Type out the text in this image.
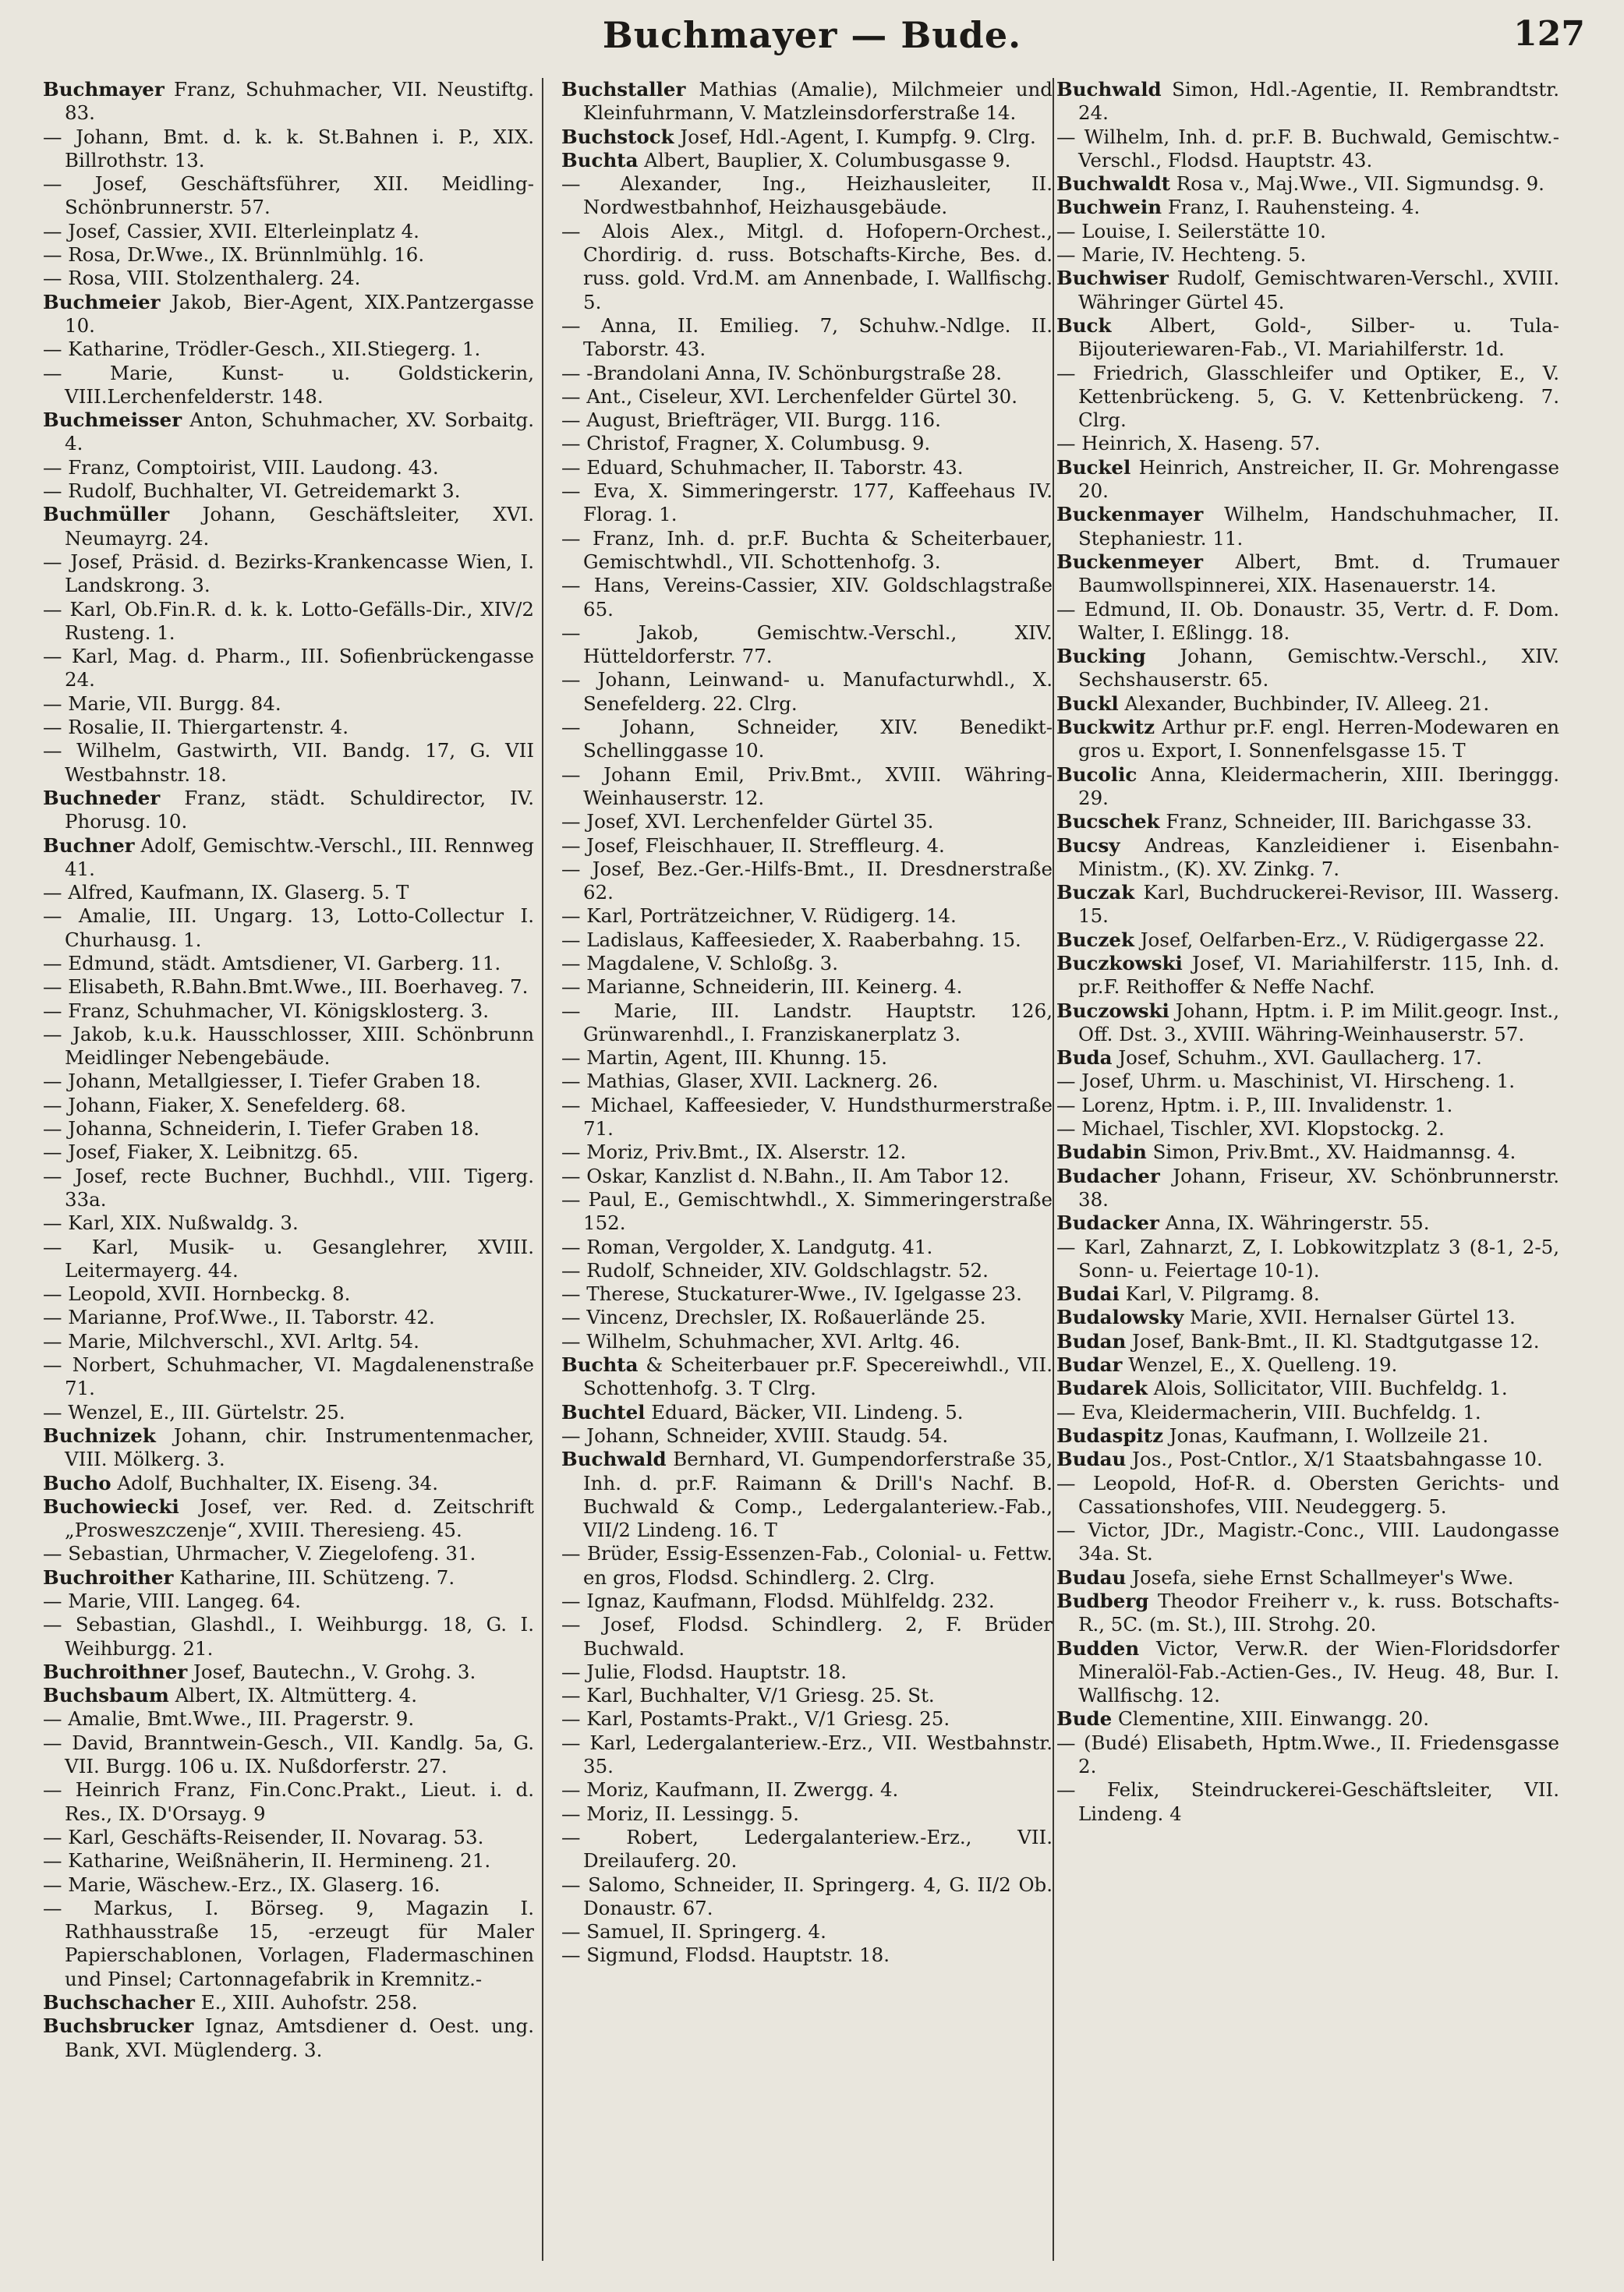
Buchmayer — Bude.	127

Buchmayer Franz, Schuhmacher, VII. Neustiftg. 83.

— Johann, Bmt. d. k. k. St.Bahnen i. P., XIX. Billrothstr. 13.

— Josef, Geschäftsführer, XII. Meidling-Schönbrunnerstr. 57.

— Josef, Cassier, XVII. Elterleinplatz 4.

— Rosa, Dr.Wwe., IX. Brünnlmühlg. 16.

— Rosa, VIII. Stolzenthalerg. 24.

Buchmeier Jakob, Bier-Agent, XIX.Pantzergasse 10.

— Katharine, Trödler-Gesch., XII.Stiegerg. 1.

— Marie, Kunst- u. Goldstickerin, VIII.Lerchenfelderstr. 148.

Buchmeisser Anton, Schuhmacher, XV. Sorbaitg. 4.

— Franz, Comptoirist, VIII. Laudong. 43.

— Rudolf, Buchhalter, VI. Getreidemarkt 3.

Buchmüller Johann, Geschäftsleiter, XVI. Neumayrg. 24.

— Josef, Präsid. d. Bezirks-Krankencasse Wien, I. Landskrong. 3.

— Karl, Ob.Fin.R. d. k. k. Lotto-Gefälls-Dir., XIV/2 Rusteng. 1.

— Karl, Mag. d. Pharm., III. Sofienbrückengasse 24.

— Marie, VII. Burgg. 84.

— Rosalie, II. Thiergartenstr. 4.

— Wilhelm, Gastwirth, VII. Bandg. 17, G. VII Westbahnstr. 18.

Buchneder Franz, städt. Schuldirector, IV. Phorusg. 10.

Buchner Adolf, Gemischtw.-Verschl., III. Rennweg 41.

— Alfred, Kaufmann, IX. Glaserg. 5. T

— Amalie, III. Ungarg. 13, Lotto-Collectur I. Churhausg. 1.

— Edmund, städt. Amtsdiener, VI. Garberg. 11.

— Elisabeth, R.Bahn.Bmt.Wwe., III. Boerhaveg. 7.

— Franz, Schuhmacher, VI. Königsklosterg. 3.

— Jakob, k.u.k. Hausschlosser, XIII. Schönbrunn Meidlinger Nebengebäude.

— Johann, Metallgiesser, I. Tiefer Graben 18.

— Johann, Fiaker, X. Senefelderg. 68.

— Johanna, Schneiderin, I. Tiefer Graben 18.

— Josef, Fiaker, X. Leibnitzg. 65.

— Josef, recte Buchner, Buchhdl., VIII. Tigerg. 33a.

— Karl, XIX. Nußwaldg. 3.

— Karl, Musik- u. Gesanglehrer, XVIII. Leitermayerg. 44.

— Leopold, XVII. Hornbeckg. 8.

— Marianne, Prof.Wwe., II. Taborstr. 42.

— Marie, Milchverschl., XVI. Arltg. 54.

— Norbert, Schuhmacher, VI. Magdalenenstraße 71.

— Wenzel, E., III. Gürtelstr. 25.

Buchnizek Johann, chir. Instrumentenmacher, VIII. Mölkerg. 3.

Bucho Adolf, Buchhalter, IX. Eiseng. 34.

Buchowiecki Josef, ver. Red. d. Zeitschrift „Prosweszczenje“, XVIII. Theresieng. 45.

— Sebastian, Uhrmacher, V. Ziegelofeng. 31.

Buchroither Katharine, III. Schützeng. 7.

— Marie, VIII. Langeg. 64.

— Sebastian, Glashdl., I. Weihburgg. 18, G. I. Weihburgg. 21.

Buchroithner Josef, Bautechn., V. Grohg. 3.

Buchsbaum Albert, IX. Altmütterg. 4.

— Amalie, Bmt.Wwe., III. Pragerstr. 9.

— David, Branntwein-Gesch., VII. Kandlg. 5a, G. VII. Burgg. 106 u. IX. Nußdorferstr. 27.

— Heinrich Franz, Fin.Conc.Prakt., Lieut. i. d. Res., IX. D'Orsayg. 9

— Karl, Geschäfts-Reisender, II. Novarag. 53.

— Katharine, Weißnäherin, II. Hermineng. 21.

— Marie, Wäschew.-Erz., IX. Glaserg. 16.

— Markus, I. Börseg. 9, Magazin I. Rathhausstraße 15, -erzeugt für Maler Papierschablonen, Vorlagen, Fladermaschinen und Pinsel; Cartonnagefabrik in Kremnitz.-

Buchschacher E., XIII. Auhofstr. 258.

Buchsbrucker Ignaz, Amtsdiener d. Oest. ung. Bank, XVI. Müglenderg. 3.

Buchstaller Mathias (Amalie), Milchmeier und Kleinfuhrmann, V. Matzleinsdorferstraße 14.

Buchstock Josef, Hdl.-Agent, I. Kumpfg. 9. Clrg.

Buchta Albert, Bauplier, X. Columbusgasse 9.

— Alexander, Ing., Heizhausleiter, II. Nordwestbahnhof, Heizhausgebäude.

— Alois Alex., Mitgl. d. Hofopern-Orchest., Chordirig. d. russ. Botschafts-Kirche, Bes. d. russ. gold. Vrd.M. am Annenbade, I. Wallfischg. 5.

— Anna, II. Emilieg. 7, Schuhw.-Ndlge. II. Taborstr. 43.

— -Brandolani Anna, IV. Schönburgstraße 28.

— Ant., Ciseleur, XVI. Lerchenfelder Gürtel 30.

— August, Briefträger, VII. Burgg. 116.

— Christof, Fragner, X. Columbusg. 9.

— Eduard, Schuhmacher, II. Taborstr. 43.

— Eva, X. Simmeringerstr. 177, Kaffeehaus IV. Florag. 1.

— Franz, Inh. d. pr.F. Buchta & Scheiterbauer, Gemischtwhdl., VII. Schottenhofg. 3.

— Hans, Vereins-Cassier, XIV. Goldschlagstraße 65.

— Jakob, Gemischtw.-Verschl., XIV. Hütteldorferstr. 77.

— Johann, Leinwand- u. Manufacturwhdl., X. Senefelderg. 22. Clrg.

— Johann, Schneider, XIV. Benedikt-Schellinggasse 10.

— Johann Emil, Priv.Bmt., XVIII. Währing-Weinhauserstr. 12.

— Josef, XVI. Lerchenfelder Gürtel 35.

— Josef, Fleischhauer, II. Streffleurg. 4.

— Josef, Bez.-Ger.-Hilfs-Bmt., II. Dresdnerstraße 62.

— Karl, Porträtzeichner, V. Rüdigerg. 14.

— Ladislaus, Kaffeesieder, X. Raaberbahng. 15.

— Magdalene, V. Schloßg. 3.

— Marianne, Schneiderin, III. Keinerg. 4.

— Marie, III. Landstr. Hauptstr. 126, Grünwarenhdl., I. Franziskanerplatz 3.

— Martin, Agent, III. Khunng. 15.

— Mathias, Glaser, XVII. Lacknerg. 26.

— Michael, Kaffeesieder, V. Hundsthurmerstraße 71.

— Moriz, Priv.Bmt., IX. Alserstr. 12.

— Oskar, Kanzlist d. N.Bahn., II. Am Tabor 12.

— Paul, E., Gemischtwhdl., X. Simmeringerstraße 152.

— Roman, Vergolder, X. Landgutg. 41.

— Rudolf, Schneider, XIV. Goldschlagstr. 52.

— Therese, Stuckaturer-Wwe., IV. Igelgasse 23.

— Vincenz, Drechsler, IX. Roßauerlände 25.

— Wilhelm, Schuhmacher, XVI. Arltg. 46.

Buchta & Scheiterbauer pr.F. Specereiwhdl., VII. Schottenhofg. 3. T Clrg.

Buchtel Eduard, Bäcker, VII. Lindeng. 5.

— Johann, Schneider, XVIII. Staudg. 54.

Buchwald Bernhard, VI. Gumpendorferstraße 35, Inh. d. pr.F. Raimann & Drill's Nachf. B. Buchwald & Comp., Ledergalanteriew.-Fab., VII/2 Lindeng. 16. T

— Brüder, Essig-Essenzen-Fab., Colonial- u. Fettw. en gros, Flodsd. Schindlerg. 2. Clrg.

— Ignaz, Kaufmann, Flodsd. Mühlfeldg. 232.

— Josef, Flodsd. Schindlerg. 2, F. Brüder Buchwald.

— Julie, Flodsd. Hauptstr. 18.

— Karl, Buchhalter, V/1 Griesg. 25. St.

— Karl, Postamts-Prakt., V/1 Griesg. 25.

— Karl, Ledergalanteriew.-Erz., VII. Westbahnstr. 35.

— Moriz, Kaufmann, II. Zwergg. 4.

— Moriz, II. Lessingg. 5.

— Robert, Ledergalanteriew.-Erz., VII. Dreilauferg. 20.

— Salomo, Schneider, II. Springerg. 4, G. II/2 Ob. Donaustr. 67.

— Samuel, II. Springerg. 4.

— Sigmund, Flodsd. Hauptstr. 18.

Buchwald Simon, Hdl.-Agentie, II. Rembrandtstr. 24.

— Wilhelm, Inh. d. pr.F. B. Buchwald, Gemischtw.-Verschl., Flodsd. Hauptstr. 43.

Buchwaldt Rosa v., Maj.Wwe., VII. Sigmundsg. 9.

Buchwein Franz, I. Rauhensteing. 4.

— Louise, I. Seilerstätte 10.

— Marie, IV. Hechteng. 5.

Buchwiser Rudolf, Gemischtwaren-Verschl., XVIII. Währinger Gürtel 45.

Buck Albert, Gold-, Silber- u. Tula-Bijouteriewaren-Fab., VI. Mariahilferstr. 1d.

— Friedrich, Glasschleifer und Optiker, E., V. Kettenbrückeng. 5, G. V. Kettenbrückeng. 7. Clrg.

— Heinrich, X. Haseng. 57.

Buckel Heinrich, Anstreicher, II. Gr. Mohrengasse 20.

Buckenmayer Wilhelm, Handschuhmacher, II. Stephaniestr. 11.

Buckenmeyer Albert, Bmt. d. Trumauer Baumwollspinnerei, XIX. Hasenauerstr. 14.

— Edmund, II. Ob. Donaustr. 35, Vertr. d. F. Dom. Walter, I. Eßlingg. 18.

Bucking Johann, Gemischtw.-Verschl., XIV. Sechshauserstr. 65.

Buckl Alexander, Buchbinder, IV. Alleeg. 21.

Buckwitz Arthur pr.F. engl. Herren-Modewaren en gros u. Export, I. Sonnenfelsgasse 15. T

Bucolic Anna, Kleidermacherin, XIII. Iberinggg. 29.

Bucschek Franz, Schneider, III. Barichgasse 33.

Bucsy Andreas, Kanzleidiener i. Eisenbahn-Ministm., (K). XV. Zinkg. 7.

Buczak Karl, Buchdruckerei-Revisor, III. Wasserg. 15.

Buczek Josef, Oelfarben-Erz., V. Rüdigergasse 22.

Buczkowski Josef, VI. Mariahilferstr. 115, Inh. d. pr.F. Reithoffer & Neffe Nachf.

Buczowski Johann, Hptm. i. P. im Milit.geogr. Inst., Off. Dst. 3., XVIII. Währing-Weinhauserstr. 57.

Buda Josef, Schuhm., XVI. Gaullacherg. 17.

— Josef, Uhrm. u. Maschinist, VI. Hirscheng. 1.

— Lorenz, Hptm. i. P., III. Invalidenstr. 1.

— Michael, Tischler, XVI. Klopstockg. 2.

Budabin Simon, Priv.Bmt., XV. Haidmannsg. 4.

Budacher Johann, Friseur, XV. Schönbrunnerstr. 38.

Budacker Anna, IX. Währingerstr. 55.

— Karl, Zahnarzt, Z, I. Lobkowitzplatz 3 (8-1, 2-5, Sonn- u. Feiertage 10-1).

Budai Karl, V. Pilgramg. 8.

Budalowsky Marie, XVII. Hernalser Gürtel 13.

Budan Josef, Bank-Bmt., II. Kl. Stadtgutgasse 12.

Budar Wenzel, E., X. Quelleng. 19.

Budarek Alois, Sollicitator, VIII. Buchfeldg. 1.

— Eva, Kleidermacherin, VIII. Buchfeldg. 1.

Budaspitz Jonas, Kaufmann, I. Wollzeile 21.

Budau Jos., Post-Cntlor., X/1 Staatsbahngasse 10.

— Leopold, Hof-R. d. Obersten Gerichts- und Cassationshofes, VIII. Neudeggerg. 5.

— Victor, JDr., Magistr.-Conc., VIII. Laudongasse 34a. St.

Budau Josefa, siehe Ernst Schallmeyer's Wwe.

Budberg Theodor Freiherr v., k. russ. Botschafts-R., 5C. (m. St.), III. Strohg. 20.

Budden Victor, Verw.R. der Wien-Floridsdorfer Mineralöl-Fab.-Actien-Ges., IV. Heug. 48, Bur. I. Wallfischg. 12.

Bude Clementine, XIII. Einwangg. 20.

— (Budé) Elisabeth, Hptm.Wwe., II. Friedensgasse 2.

— Felix, Steindruckerei-Geschäftsleiter, VII. Lindeng. 4
